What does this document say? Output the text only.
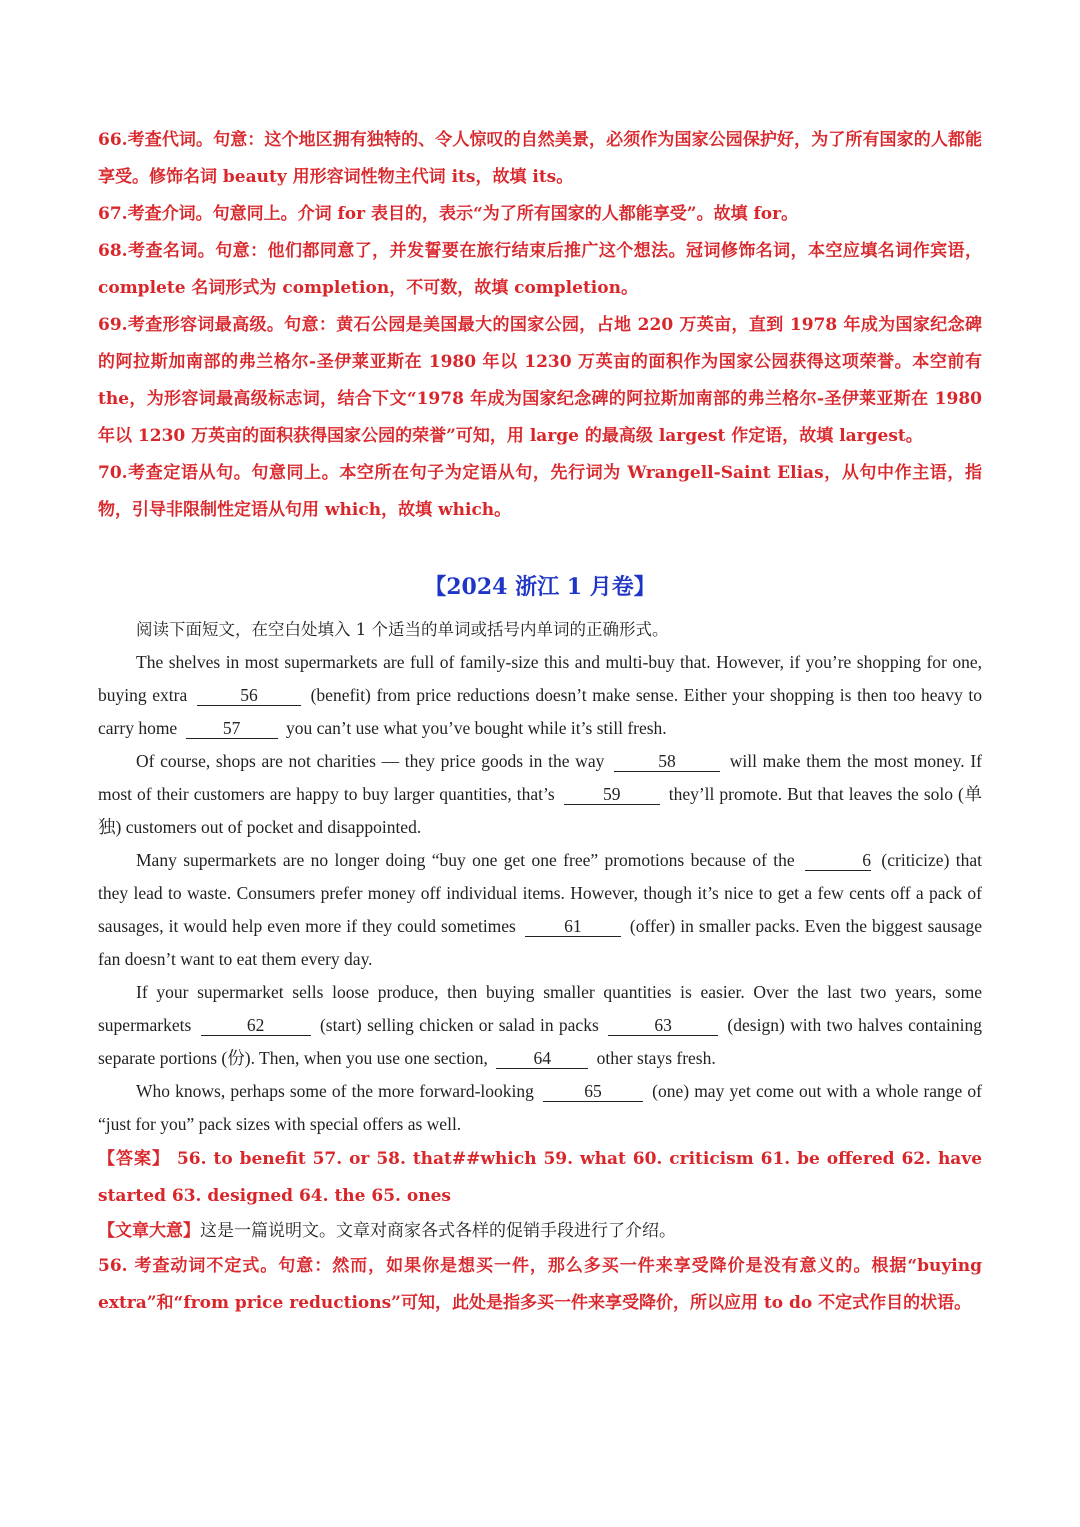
66.考查代词。句意：这个地区拥有独特的、令人惊叹的自然美景，必须作为国家公园保护好，为了所有国家的人都能享受。修饰名词 beauty 用形容词性物主代词 its，故填 its。

67.考查介词。句意同上。介词 for 表目的，表示“为了所有国家的人都能享受”。故填 for。

68.考查名词。句意：他们都同意了，并发誓要在旅行结束后推广这个想法。冠词修饰名词，本空应填名词作宾语，complete 名词形式为 completion，不可数，故填 completion。

69.考查形容词最高级。句意：黄石公园是美国最大的国家公园，占地 220 万英亩，直到 1978 年成为国家纪念碑的阿拉斯加南部的弗兰格尔-圣伊莱亚斯在 1980 年以 1230 万英亩的面积作为国家公园获得这项荣誉。本空前有 the，为形容词最高级标志词，结合下文“1978 年成为国家纪念碑的阿拉斯加南部的弗兰格尔-圣伊莱亚斯在 1980 年以 1230 万英亩的面积获得国家公园的荣誉”可知，用 large 的最高级 largest 作定语，故填 largest。

70.考查定语从句。句意同上。本空所在句子为定语从句，先行词为 Wrangell-Saint Elias，从句中作主语，指物，引导非限制性定语从句用 which，故填 which。

【2024 浙江 1 月卷】

阅读下面短文，在空白处填入 1 个适当的单词或括号内单词的正确形式。

The shelves in most supermarkets are full of family-size this and multi-buy that. However, if you’re shopping for one, buying extra	56	(benefit) from price reductions doesn’t make sense. Either your shopping is then too heavy to carry home	57	you can’t use what you’ve bought while it’s still fresh.

Of course, shops are not charities — they price goods in the way	58	will make them the most money. If most of their customers are happy to buy larger quantities, that’s	59	they’ll promote. But that leaves the solo (单独) customers out of pocket and disappointed.

Many supermarkets are no longer doing “buy one get one free” promotions because of the	6 (criticize) that they lead to waste. Consumers prefer money off individual items. However, though it’s nice to get a few cents off a pack of sausages, it would help even more if they could sometimes	61	(offer) in smaller packs. Even the biggest sausage fan doesn’t want to eat them every day.

If your supermarket sells loose produce, then buying smaller quantities is easier. Over the last two years, some supermarkets	62	(start) selling chicken or salad in packs	63	(design) with two halves containing separate portions (份). Then, when you use one section,	64	other stays fresh.

Who knows, perhaps some of the more forward-looking	65	(one) may yet come out with a whole range of “just for you” pack sizes with special offers as well.

【答案】 56. to benefit 57. or 58. that##which 59. what 60. criticism 61. be offered 62. have started 63. designed 64. the 65. ones

【文章大意】这是一篇说明文。文章对商家各式各样的促销手段进行了介绍。

56. 考查动词不定式。句意：然而，如果你是想买一件，那么多买一件来享受降价是没有意义的。根据“buying extra”和“from price reductions”可知，此处是指多买一件来享受降价，所以应用 to do 不定式作目的状语。
